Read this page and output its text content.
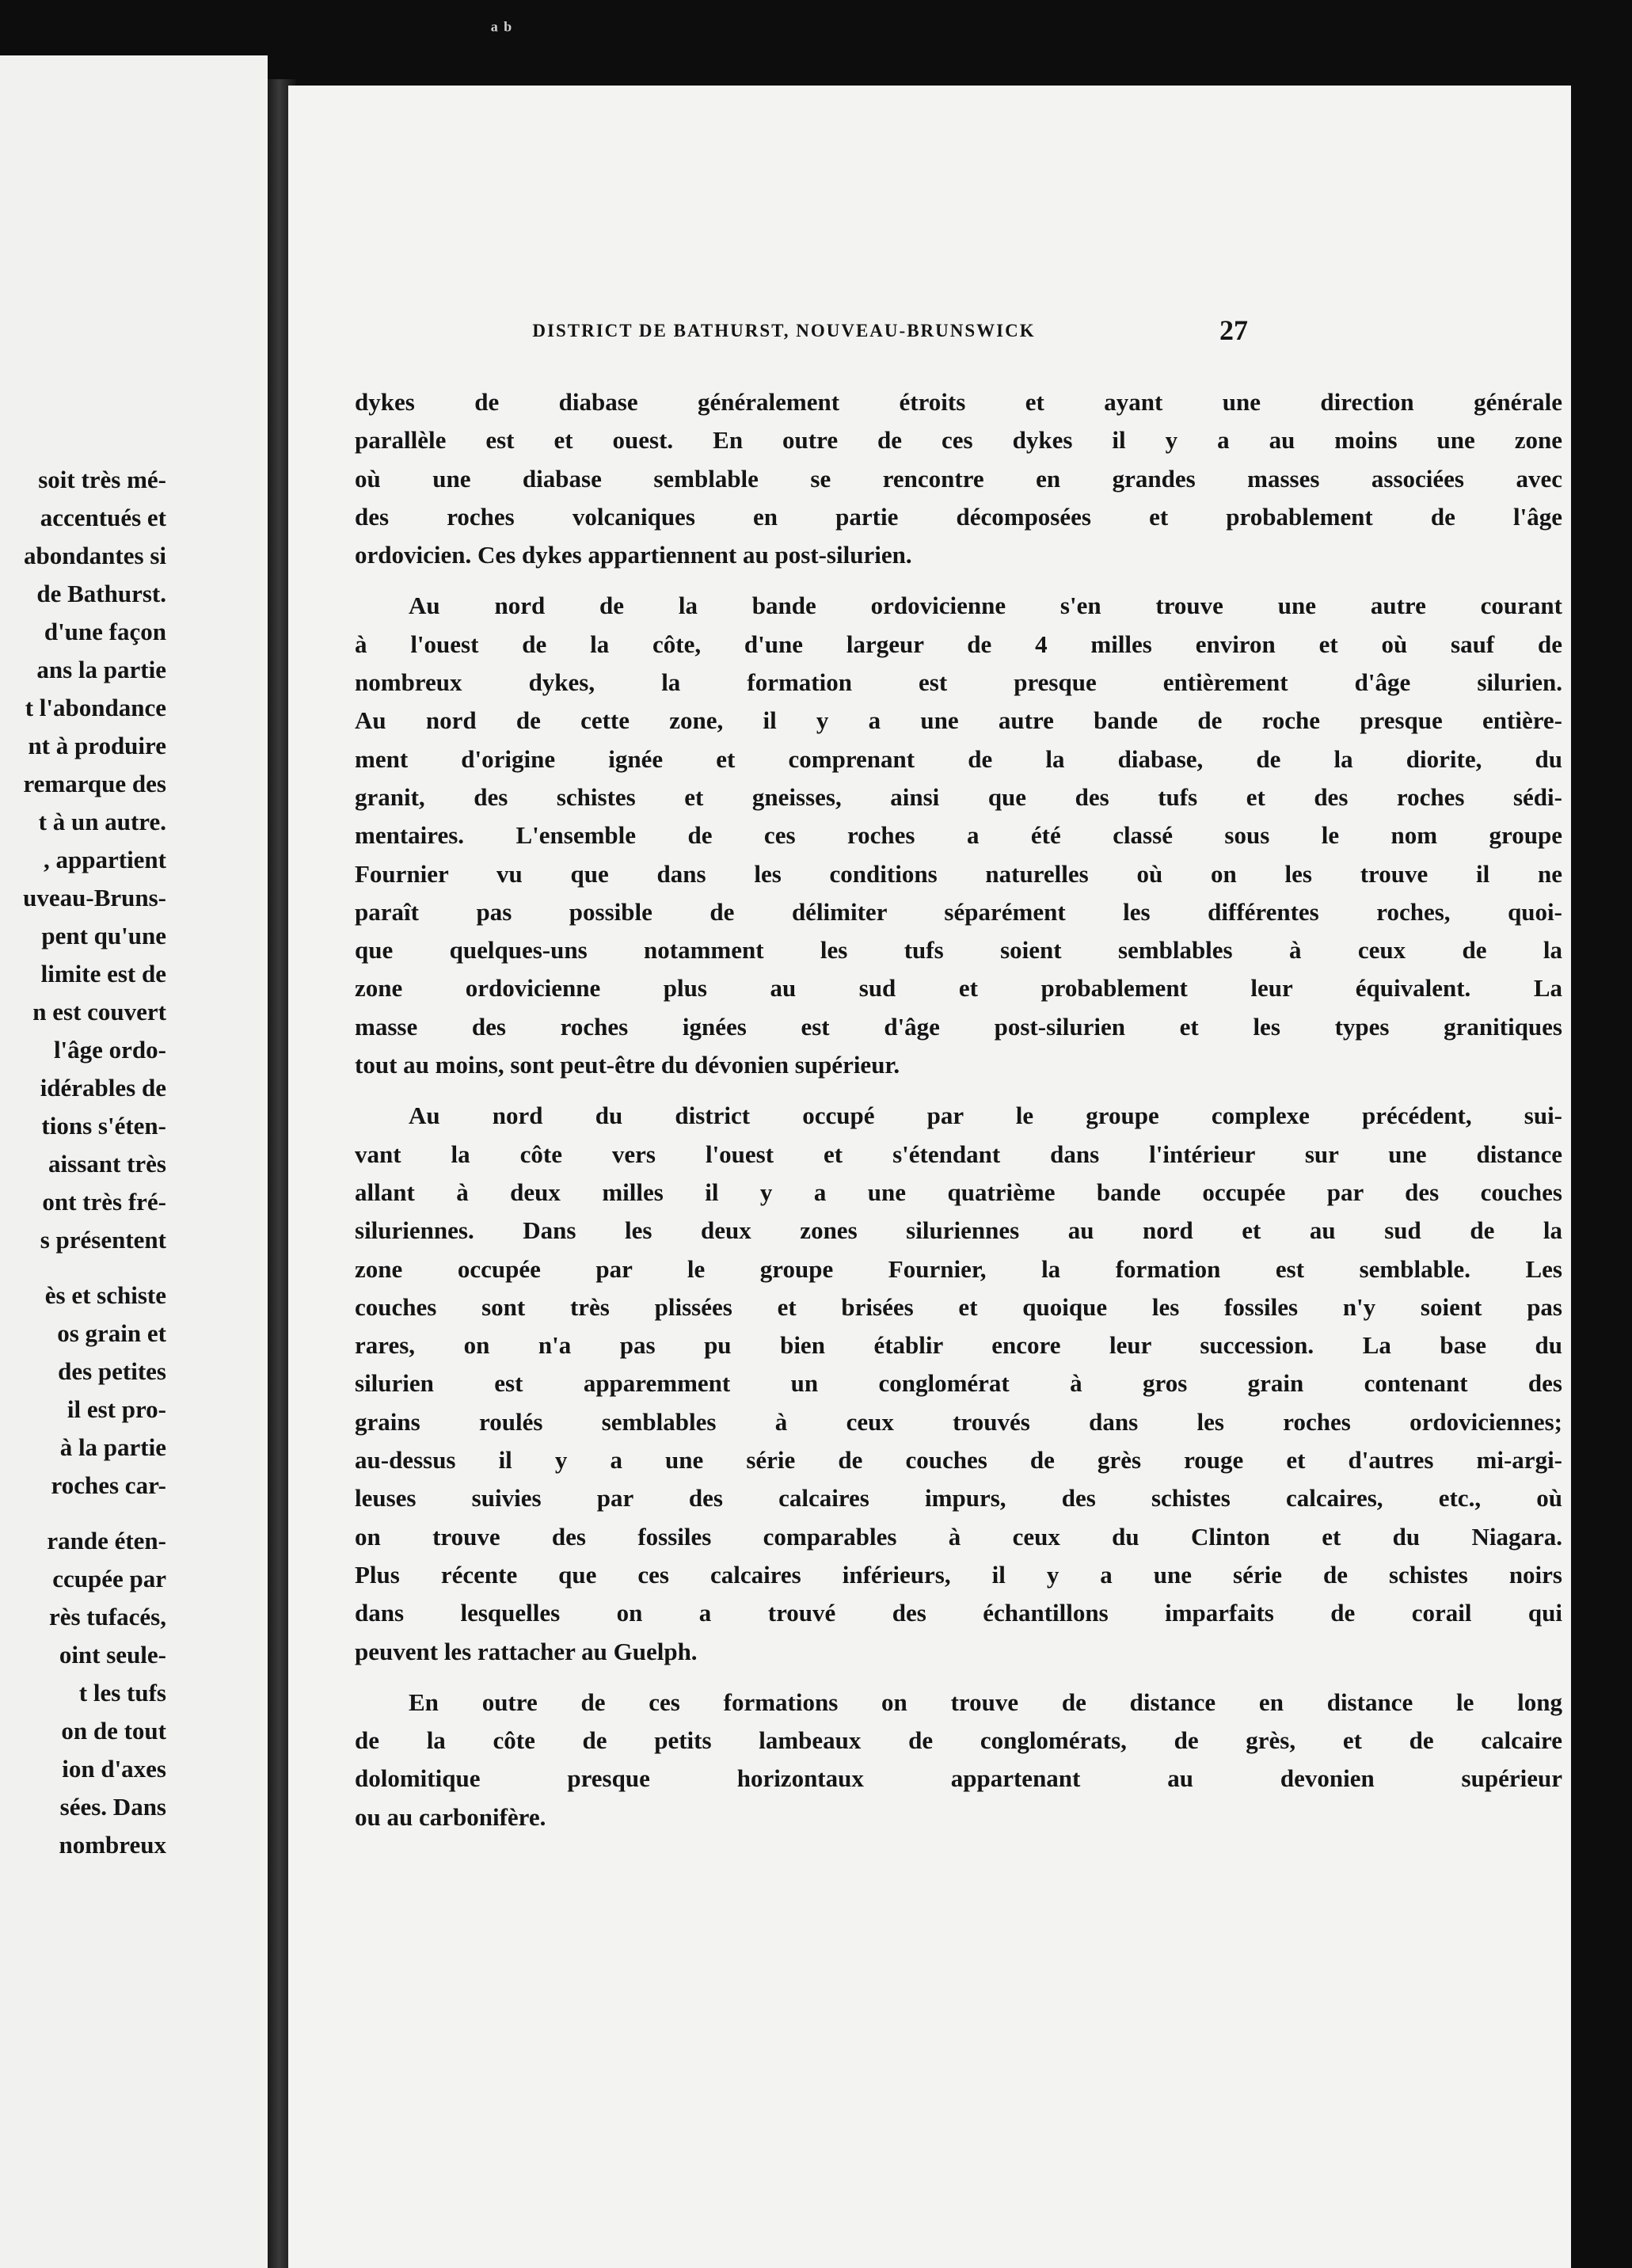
ᵃ ᵇ
soit très mé-
accentués et
abondantes si
de Bathurst.
d'une façon
ans la partie
t l'abondance
nt à produire
remarque des
t à un autre.
, appartient
uveau-Bruns-
pent qu'une
limite est de
n est couvert
l'âge ordo-
idérables de
tions s'éten-
aissant très
ont très fré-
s présentent
ès et schiste
os grain et
des petites
il est pro-
à la partie
roches car-
rande éten-
ccupée par
rès tufacés,
oint seule-
t les tufs
on de tout
ion d'axes
sées. Dans
nombreux
DISTRICT DE BATHURST, NOUVEAU-BRUNSWICK	27
dykes de diabase généralement étroits et ayant une direction générale
parallèle est et ouest. En outre de ces dykes il y a au moins une zone
où une diabase semblable se rencontre en grandes masses associées avec
des roches volcaniques en partie décomposées et probablement de l'âge
ordovicien. Ces dykes appartiennent au post-silurien.
Au nord de la bande ordovicienne s'en trouve une autre courant
à l'ouest de la côte, d'une largeur de 4 milles environ et où sauf de
nombreux dykes, la formation est presque entièrement d'âge silurien.
Au nord de cette zone, il y a une autre bande de roche presque entière-
ment d'origine ignée et comprenant de la diabase, de la diorite, du
granit, des schistes et gneisses, ainsi que des tufs et des roches sédi-
mentaires. L'ensemble de ces roches a été classé sous le nom groupe
Fournier vu que dans les conditions naturelles où on les trouve il ne
paraît pas possible de délimiter séparément les différentes roches, quoi-
que quelques-uns notamment les tufs soient semblables à ceux de la
zone ordovicienne plus au sud et probablement leur équivalent. La
masse des roches ignées est d'âge post-silurien et les types granitiques
tout au moins, sont peut-être du dévonien supérieur.
Au nord du district occupé par le groupe complexe précédent, sui-
vant la côte vers l'ouest et s'étendant dans l'intérieur sur une distance
allant à deux milles il y a une quatrième bande occupée par des couches
siluriennes. Dans les deux zones siluriennes au nord et au sud de la
zone occupée par le groupe Fournier, la formation est semblable. Les
couches sont très plissées et brisées et quoique les fossiles n'y soient pas
rares, on n'a pas pu bien établir encore leur succession. La base du
silurien est apparemment un conglomérat à gros grain contenant des
grains roulés semblables à ceux trouvés dans les roches ordoviciennes;
au-dessus il y a une série de couches de grès rouge et d'autres mi-argi-
leuses suivies par des calcaires impurs, des schistes calcaires, etc., où
on trouve des fossiles comparables à ceux du Clinton et du Niagara.
Plus récente que ces calcaires inférieurs, il y a une série de schistes noirs
dans lesquelles on a trouvé des échantillons imparfaits de corail qui
peuvent les rattacher au Guelph.
En outre de ces formations on trouve de distance en distance le long
de la côte de petits lambeaux de conglomérats, de grès, et de calcaire
dolomitique presque horizontaux appartenant au devonien supérieur
ou au carbonifère.
